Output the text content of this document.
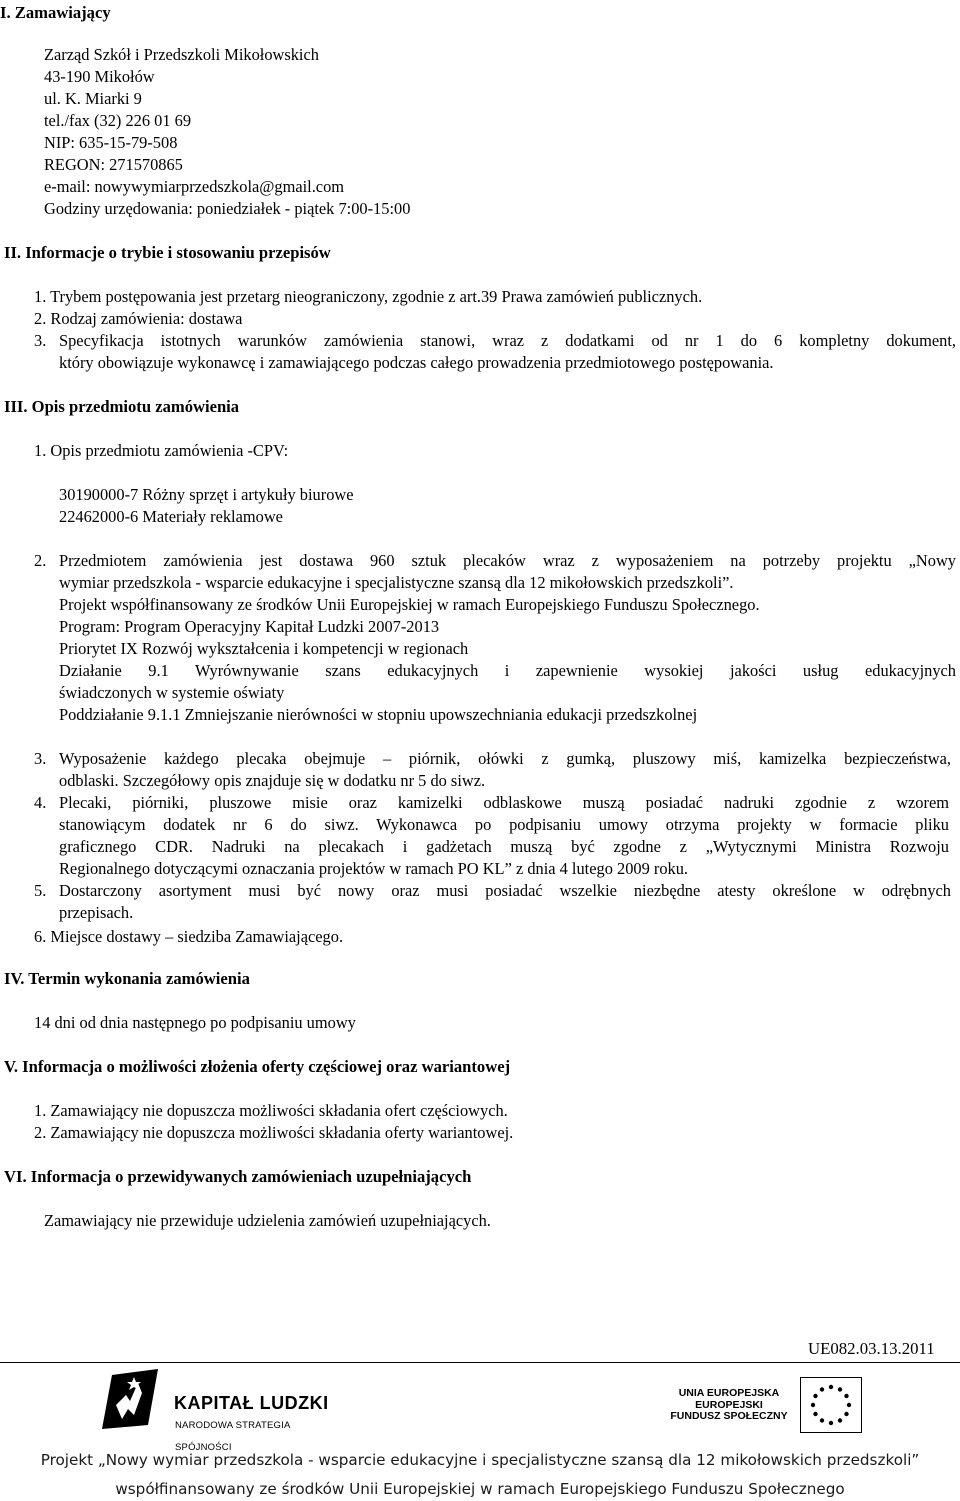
I. Zamawiający
Zarząd Szkół i Przedszkoli Mikołowskich
43-190 Mikołów
ul. K. Miarki 9
tel./fax (32) 226 01 69
NIP: 635-15-79-508
REGON: 271570865
e-mail: nowywymiarprzedszkola@gmail.com
Godziny urzędowania: poniedziałek - piątek 7:00-15:00
II. Informacje o trybie i stosowaniu przepisów
1. Trybem postępowania jest przetarg nieograniczony, zgodnie z art.39 Prawa zamówień publicznych.
2. Rodzaj zamówienia: dostawa
3. Specyfikacja istotnych warunków zamówienia stanowi, wraz z dodatkami od nr 1 do 6 kompletny dokument,
który obowiązuje wykonawcę i zamawiającego podczas całego prowadzenia przedmiotowego postępowania.
III. Opis przedmiotu zamówienia
1. Opis przedmiotu zamówienia -CPV:
30190000-7 Różny sprzęt i artykuły biurowe
22462000-6 Materiały reklamowe
2. Przedmiotem zamówienia jest dostawa 960 sztuk plecaków wraz z wyposażeniem na potrzeby projektu „Nowy
wymiar przedszkola - wsparcie edukacyjne i specjalistyczne szansą dla 12 mikołowskich przedszkoli”.
Projekt współfinansowany ze środków Unii Europejskiej w ramach Europejskiego Funduszu Społecznego.
Program: Program Operacyjny Kapitał Ludzki 2007-2013
Priorytet IX Rozwój wykształcenia i kompetencji w regionach
Działanie 9.1 Wyrównywanie szans edukacyjnych i zapewnienie wysokiej jakości usług edukacyjnych
świadczonych w systemie oświaty
Poddziałanie 9.1.1 Zmniejszanie nierówności w stopniu upowszechniania edukacji przedszkolnej
3. Wyposażenie każdego plecaka obejmuje – piórnik, ołówki z gumką, pluszowy miś, kamizelka bezpieczeństwa,
odblaski. Szczegółowy opis znajduje się w dodatku nr 5 do siwz.
4. Plecaki, piórniki, pluszowe misie oraz kamizelki odblaskowe muszą posiadać nadruki zgodnie z wzorem
stanowiącym dodatek nr 6 do siwz. Wykonawca po podpisaniu umowy otrzyma projekty w formacie pliku
graficznego CDR. Nadruki na plecakach i gadżetach muszą być zgodne z „Wytycznymi Ministra Rozwoju
Regionalnego dotyczącymi oznaczania projektów w ramach PO KL” z dnia 4 lutego 2009 roku.
5. Dostarczony asortyment musi być nowy oraz musi posiadać wszelkie niezbędne atesty określone w odrębnych
przepisach.
6. Miejsce dostawy – siedziba Zamawiającego.
IV. Termin wykonania zamówienia
14 dni od dnia następnego po podpisaniu umowy
V. Informacja o możliwości złożenia oferty częściowej oraz wariantowej
1. Zamawiający nie dopuszcza możliwości składania ofert częściowych.
2. Zamawiający nie dopuszcza możliwości składania oferty wariantowej.
VI. Informacja o przewidywanych zamówieniach uzupełniających
Zamawiający nie przewiduje udzielenia zamówień uzupełniających.
UE082.03.13.2011
KAPITAŁ LUDZKI
NARODOWA STRATEGIA SPÓJNOŚCI
UNIA EUROPEJSKA
EUROPEJSKI
FUNDUSZ SPOŁECZNY
Projekt „Nowy wymiar przedszkola - wsparcie edukacyjne i specjalistyczne szansą dla 12 mikołowskich przedszkoli”
współfinansowany ze środków Unii Europejskiej w ramach Europejskiego Funduszu Społecznego
